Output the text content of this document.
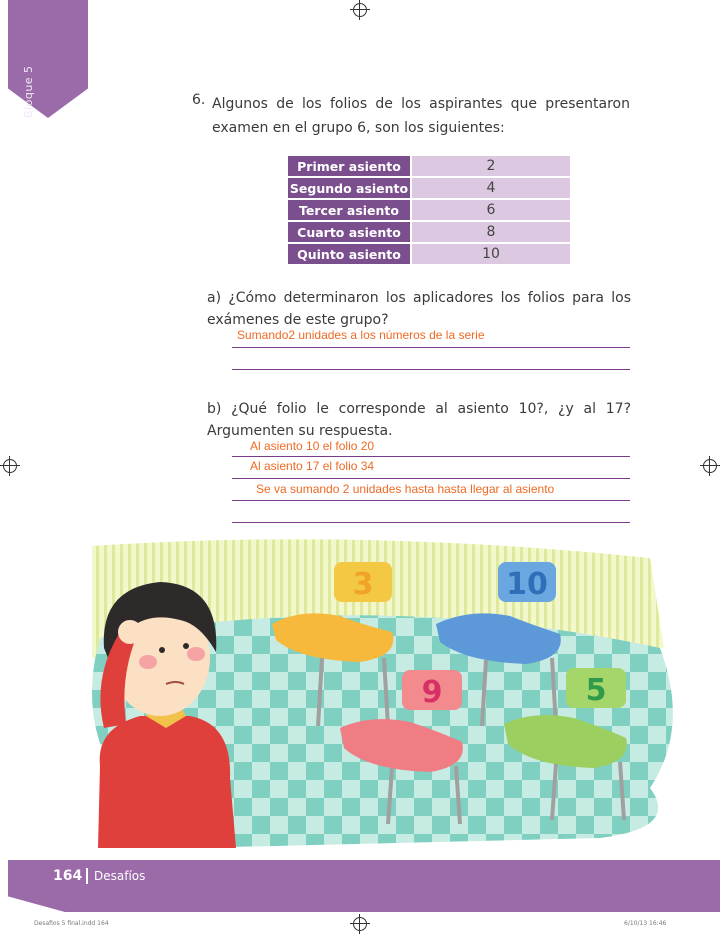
Bloque 5	6. Algunos de los folios de los aspirantes que presentaron examen en el grupo 6, son los siguientes:
Primer asiento	2
Segundo asiento	4
Tercer asiento	6
Cuarto asiento	8
Quinto asiento	10
a) ¿Cómo determinaron los aplicadores los folios para los exámenes de este grupo?
Sumando2 unidades a los números de la serie
b) ¿Qué folio le corresponde al asiento 10?, ¿y al 17? Argumenten su respuesta.
Al asiento 10 el folio 20
Al asiento 17 el folio 34
Se va sumando 2 unidades hasta hasta llegar al asiento
3	10
9	5
164 Desafíos
Desafios 5 final.indd 164	6/10/13 16:46
